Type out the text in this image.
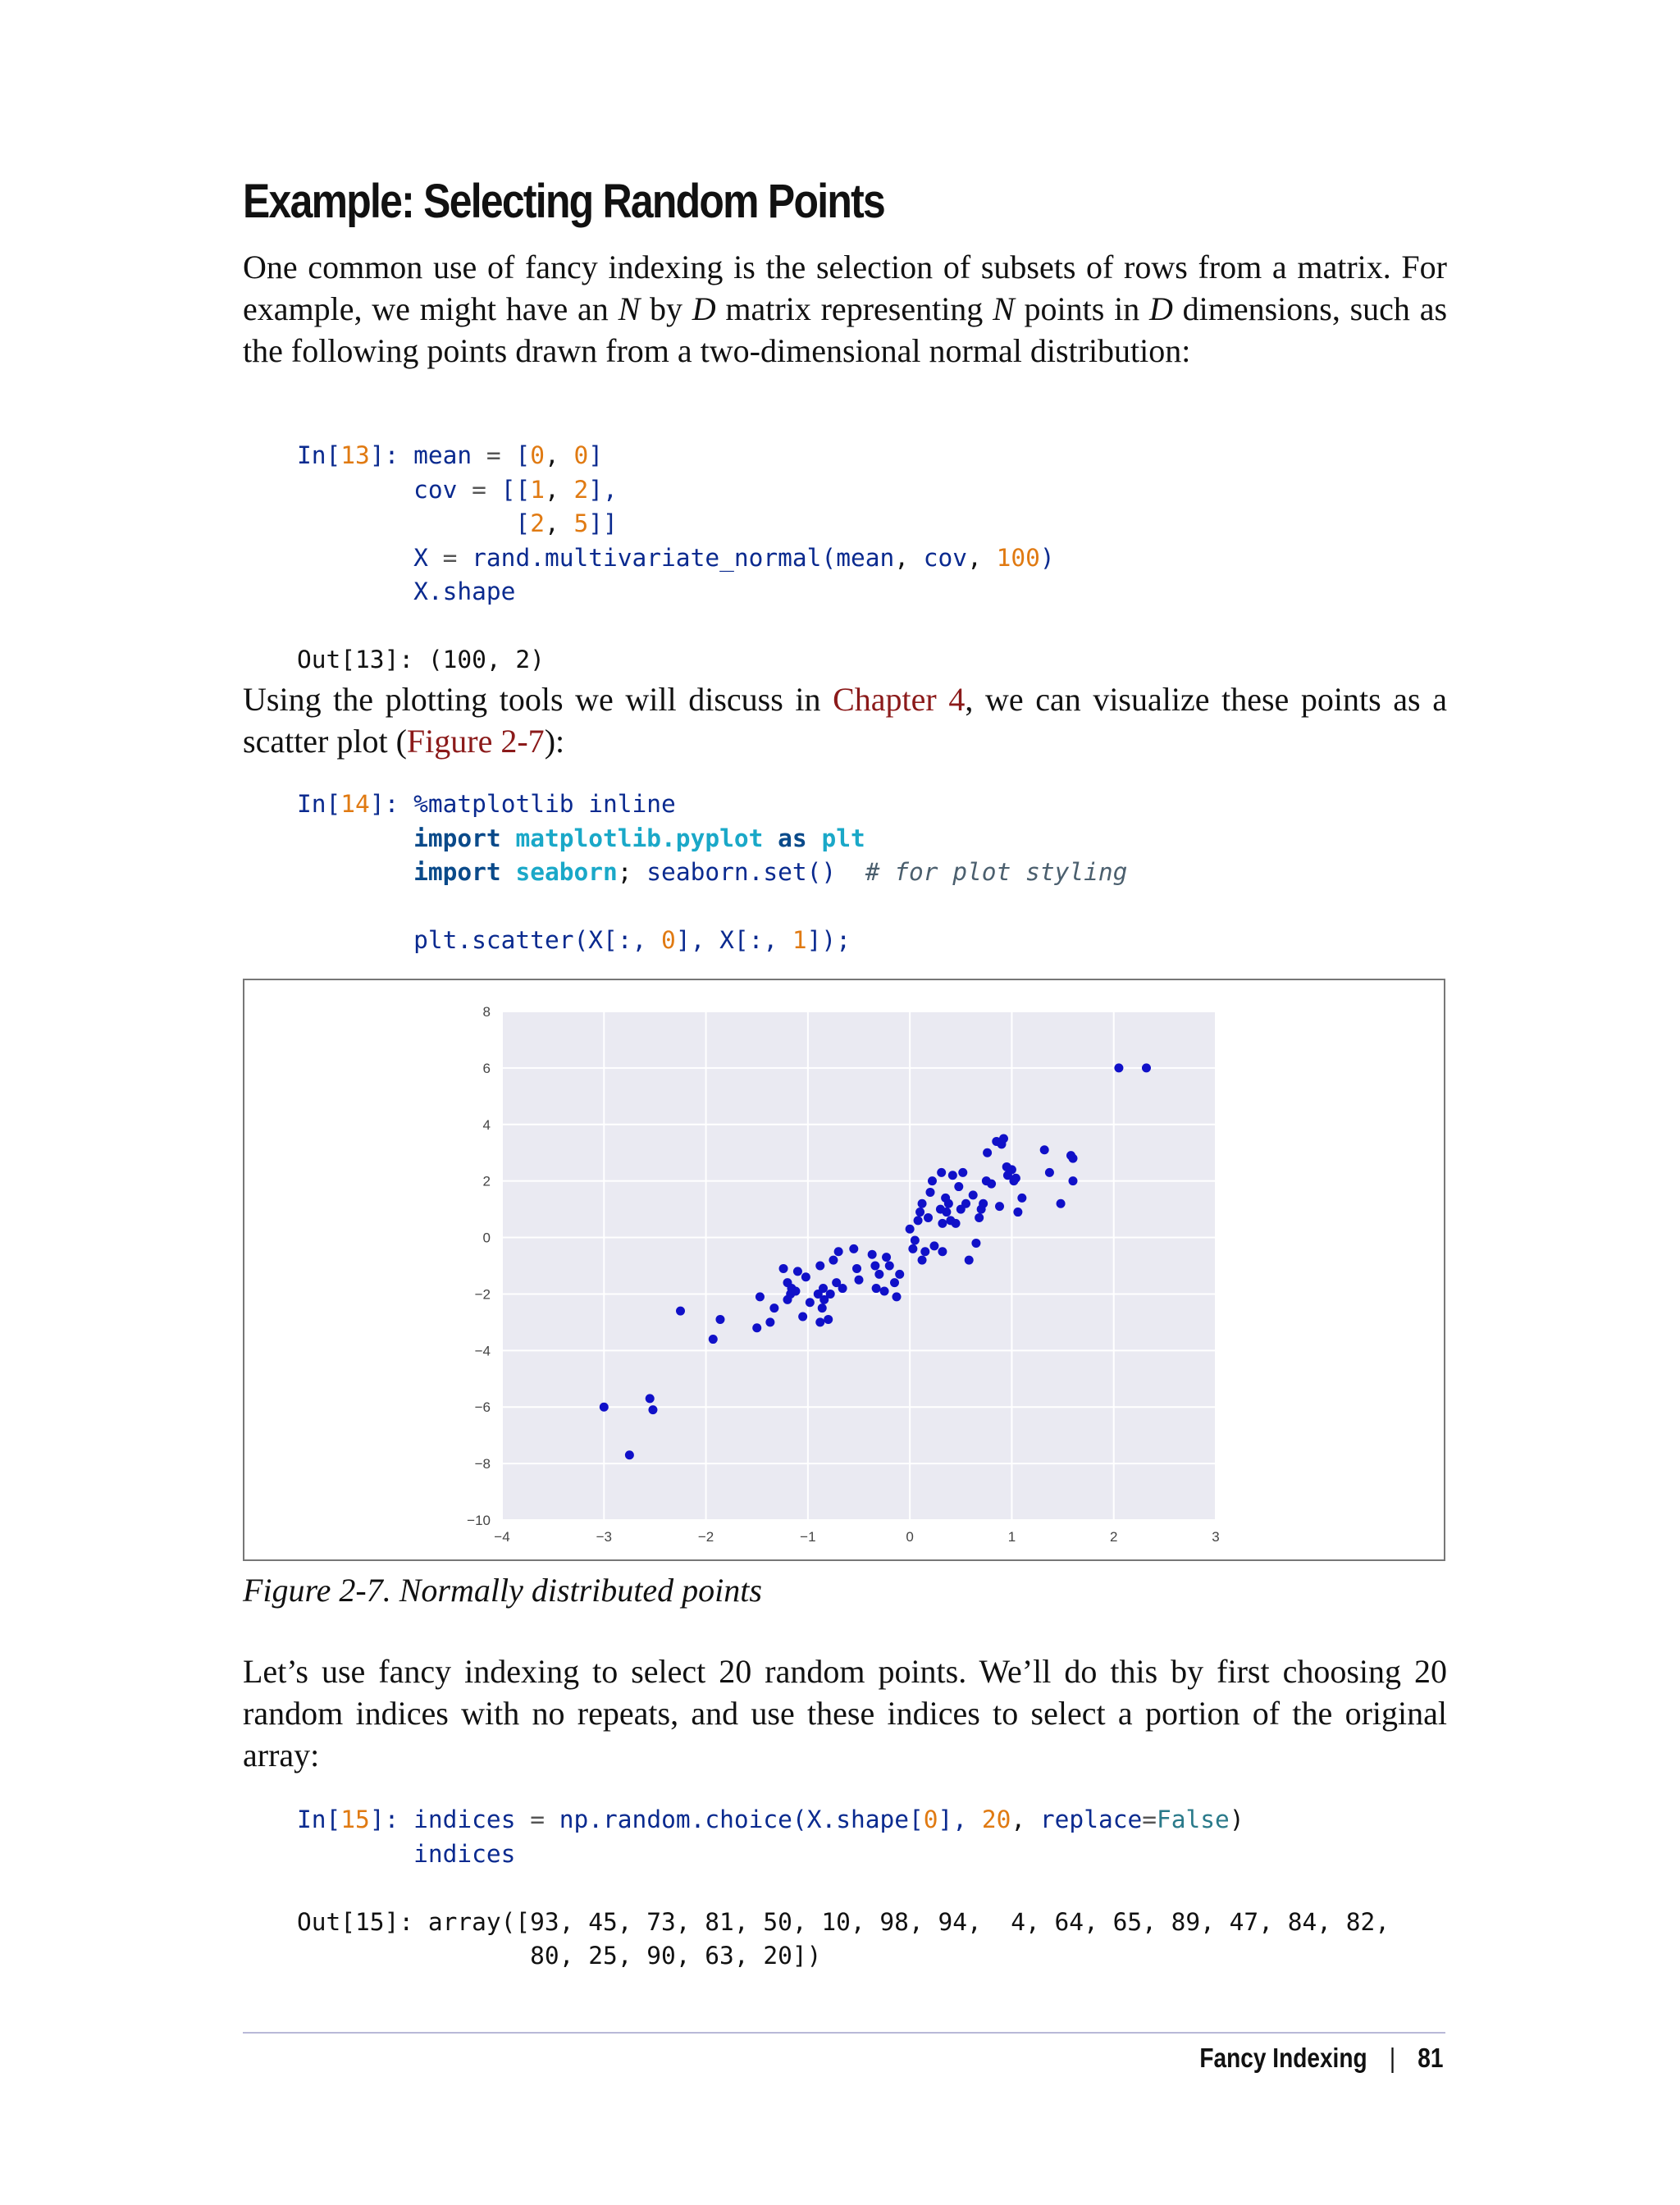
Example: Selecting Random Points

One common use of fancy indexing is the selection of subsets of rows from a matrix. For example, we might have an N by D matrix representing N points in D dimensions, such as the following points drawn from a two-dimensional normal distribution:

In[13]: mean = [0, 0]
cov = [[1, 2],
[2, 5]]
X = rand.multivariate_normal(mean, cov, 100)
X.shape

Out[13]: (100, 2)

Using the plotting tools we will discuss in Chapter 4, we can visualize these points as a scatter plot (Figure 2-7):

In[14]: %matplotlib inline
import matplotlib.pyplot as plt
import seaborn; seaborn.set() # for plot styling

plt.scatter(X[:, 0], X[:, 1]);
−4	−3	−2	−1	0	1	2	3
8
6
4
2
0
−2
−4
−6
−8
−10

Figure 2-7. Normally distributed points

Let’s use fancy indexing to select 20 random points. We’ll do this by first choosing 20 random indices with no repeats, and use these indices to select a portion of the original array:

In[15]: indices = np.random.choice(X.shape[0], 20, replace=False)
indices

Out[15]: array([93, 45, 73, 81, 50, 10, 98, 94,  4, 64, 65, 89, 47, 84, 82,
80, 25, 90, 63, 20])

Fancy Indexing | 81
